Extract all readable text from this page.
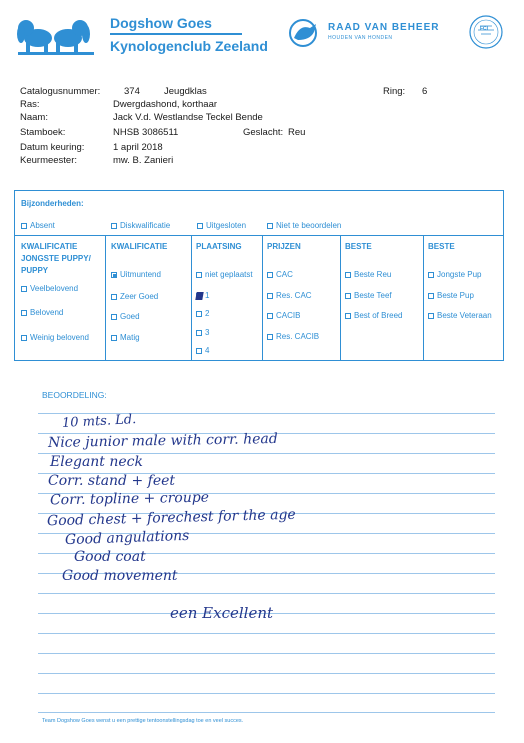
Dogshow Goes
Kynologenclub Zeeland
RAAD VAN BEHEER
HOUDEN VAN HONDEN
FCI
Catalogusnummer: 374	Jeugdklas	Ring: 6
Ras:	Dwergdashond, korthaar
Naam:	Jack V.d. Westlandse Teckel Bende
Stamboek:	NHSB 3086511	Geslacht: Reu
Datum keuring:	1 april 2018
Keurmeester:	mw. B. Zanieri
Bijzonderheden:
Absent	Diskwalificatie	Uitgesloten	Niet te beoordelen
KWALIFICATIE
JONGSTE PUPPY/
PUPPY
Veelbelovend
Belovend
Weinig belovend
KWALIFICATIE
Uitmuntend
Zeer Goed
Goed
Matig
PLAATSING
niet geplaatst
1
2
3
4
PRIJZEN
CAC
Res. CAC
CACIB
Res. CACIB
BESTE
Beste Reu
Beste Teef
Best of Breed
BESTE
Jongste Pup
Beste Pup
Beste Veteraan
BEOORDELING:
10 mts. Ld.
Nice junior male with corr. head
Elegant neck
Corr. stand + feet
Corr. topline + croupe
Good chest + forechest for the age
Good angulations
Good coat
Good movement
een Excellent
Team Dogshow Goes wenst u een prettige tentoonstellingsdag toe en veel succes.
